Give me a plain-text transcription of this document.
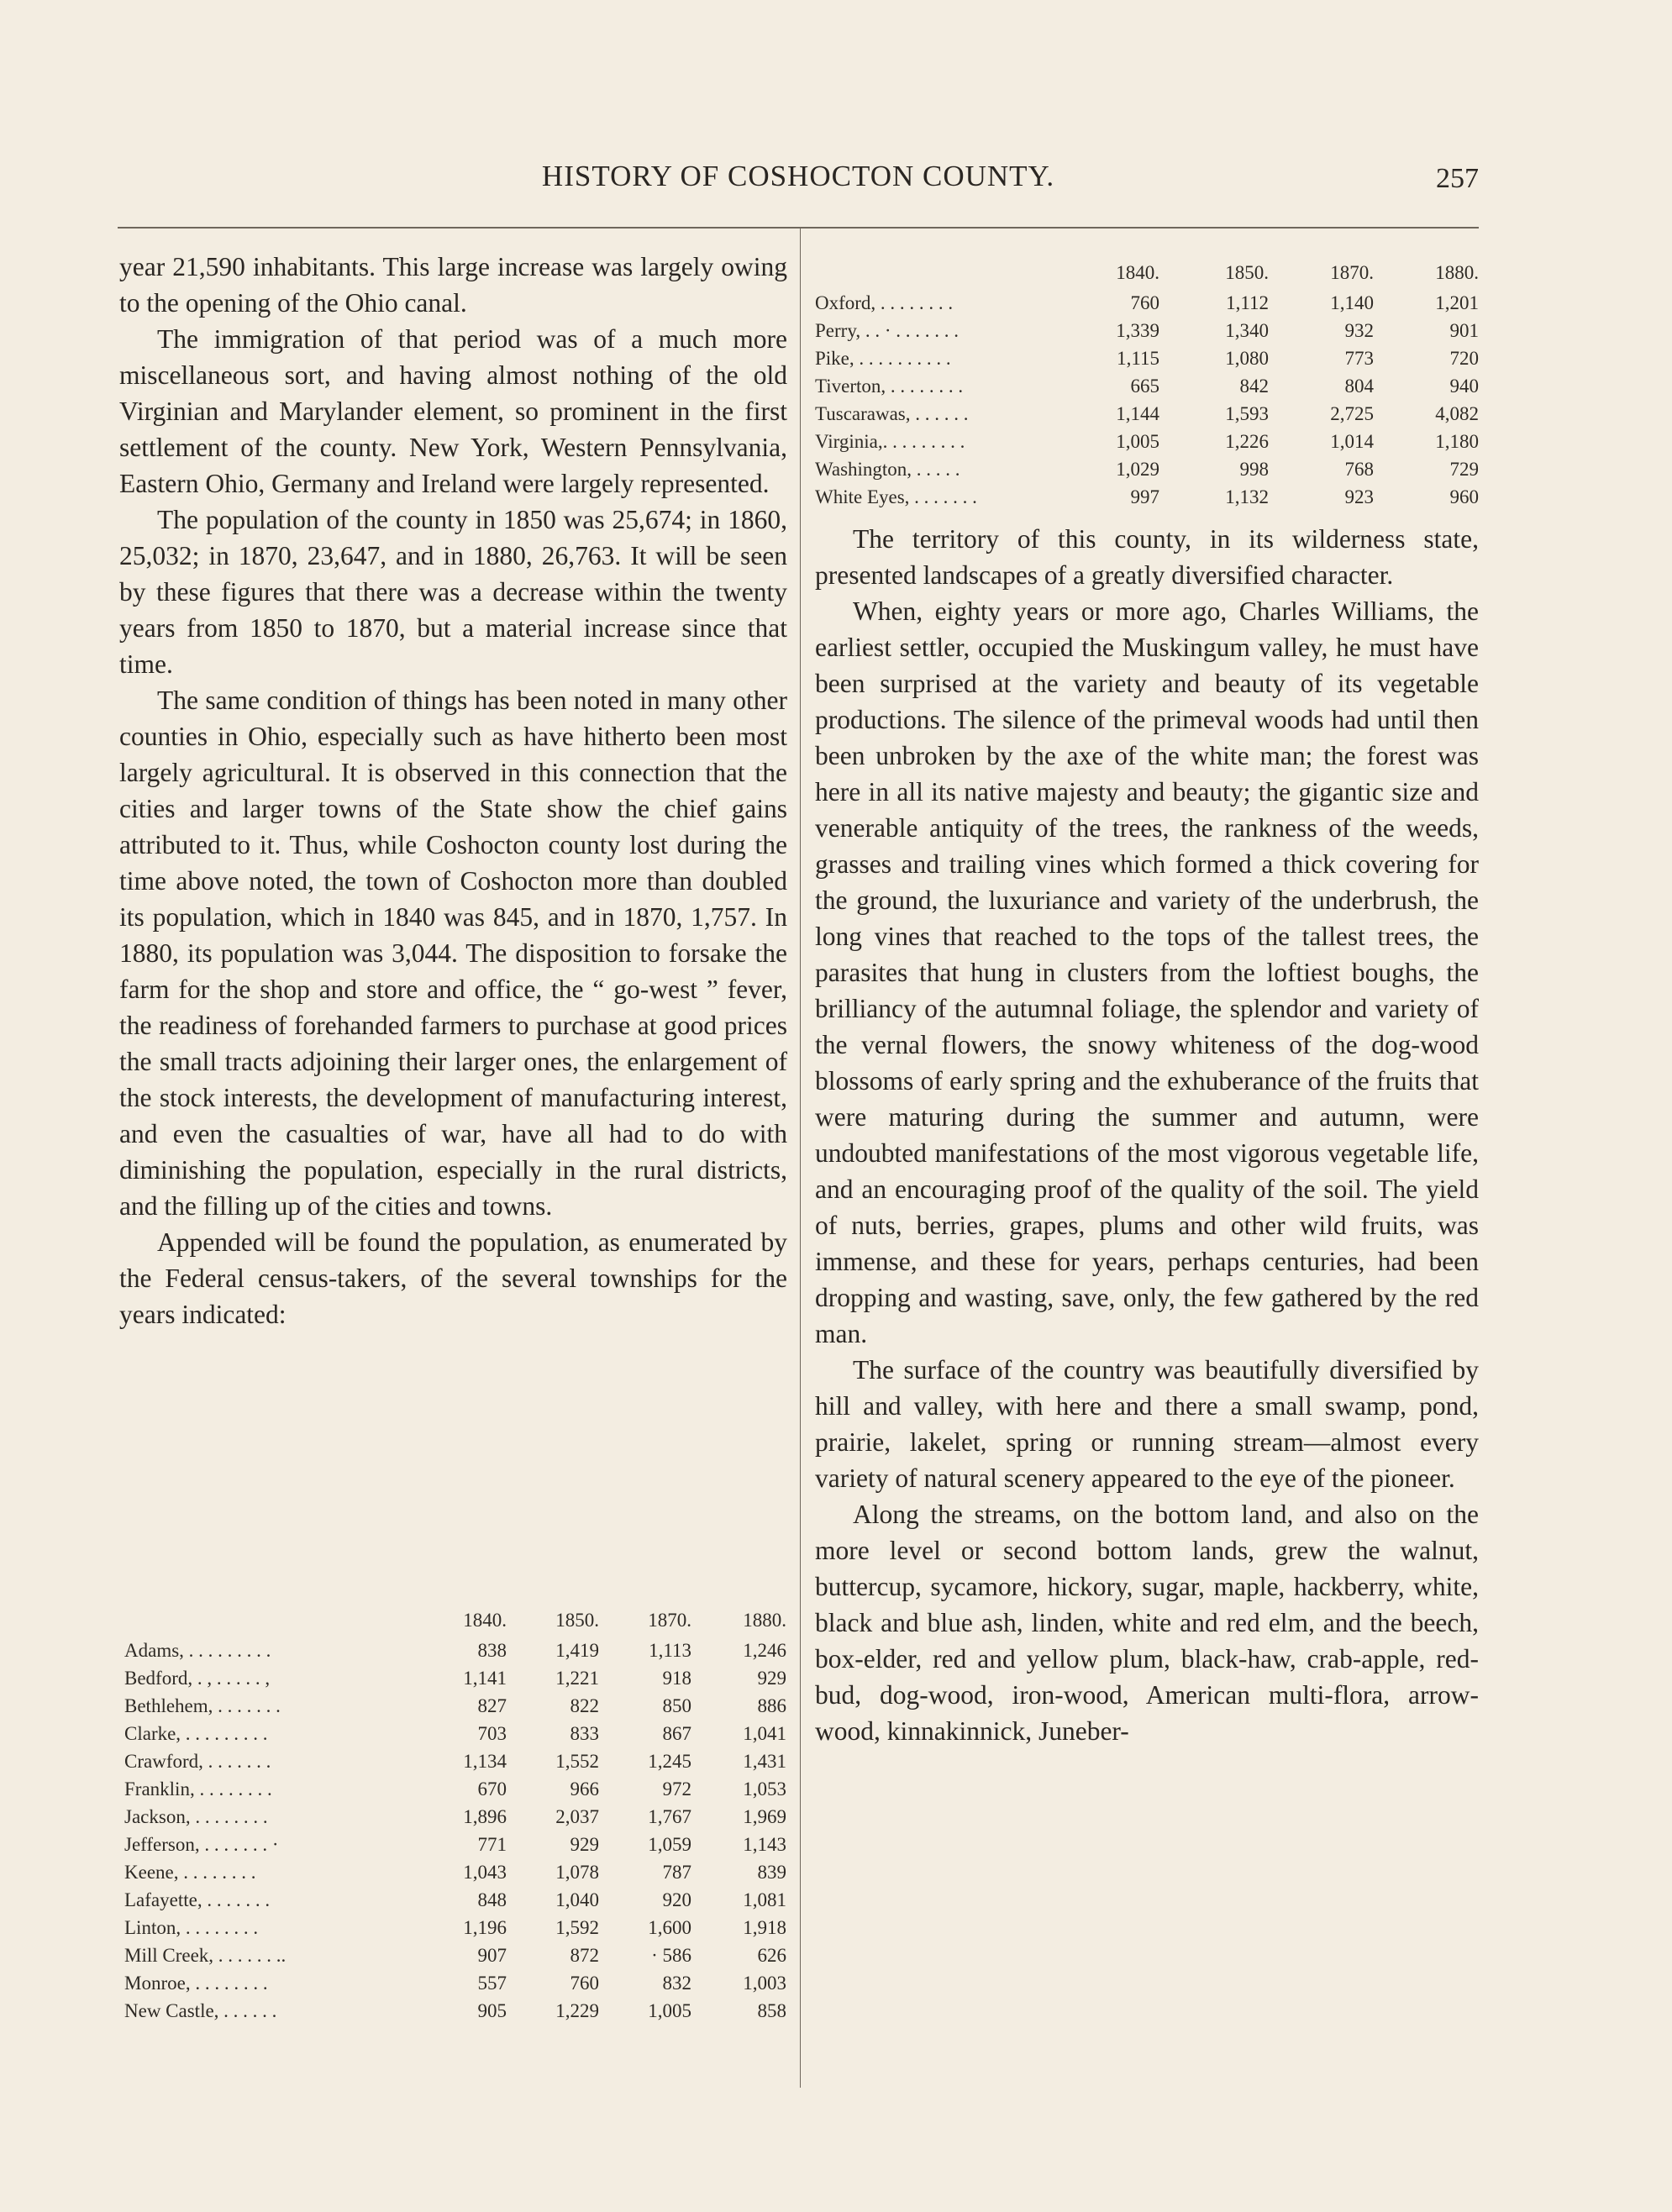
HISTORY OF COSHOCTON COUNTY.	257

year 21,590 inhabitants. This large increase was largely owing to the opening of the Ohio canal.

The immigration of that period was of a much more miscellaneous sort, and having almost nothing of the old Virginian and Marylander element, so prominent in the first settlement of the county. New York, Western Pennsylvania, Eastern Ohio, Germany and Ireland were largely represented.

The population of the county in 1850 was 25,674; in 1860, 25,032; in 1870, 23,647, and in 1880, 26,763. It will be seen by these figures that there was a decrease within the twenty years from 1850 to 1870, but a material increase since that time.

The same condition of things has been noted in many other counties in Ohio, especially such as have hitherto been most largely agricultural. It is observed in this connection that the cities and larger towns of the State show the chief gains attributed to it. Thus, while Coshocton county lost during the time above noted, the town of Coshocton more than doubled its population, which in 1840 was 845, and in 1870, 1,757. In 1880, its population was 3,044. The disposition to forsake the farm for the shop and store and office, the “ go-west ” fever, the readiness of forehanded farmers to purchase at good prices the small tracts adjoining their larger ones, the enlargement of the stock interests, the development of manufacturing interest, and even the casualties of war, have all had to do with diminishing the population, especially in the rural districts, and the filling up of the cities and towns.

Appended will be found the population, as enumerated by the Federal census-takers, of the several townships for the years indicated:

	1840.	1850.	1870.	1880.
Adams, . . . . . . . . .	838	1,419	1,113	1,246
Bedford, . , . . . . . ,	1,141	1,221	918	929
Bethlehem, . . . . . . .	827	822	850	886
Clarke, . . . . . . . . .	703	833	867	1,041
Crawford, . . . . . . .	1,134	1,552	1,245	1,431
Franklin, . . . . . . . .	670	966	972	1,053
Jackson, . . . . . . . .	1,896	2,037	1,767	1,969
Jefferson, . . . . . . . ·	771	929	1,059	1,143
Keene, . . . . . . . .	1,043	1,078	787	839
Lafayette, . . . . . . .	848	1,040	920	1,081
Linton, . . . . . . . .	1,196	1,592	1,600	1,918
Mill Creek, . . . . . . ..	907	872	· 586	626
Monroe, . . . . . . . .	557	760	832	1,003
New Castle, . . . . . .	905	1,229	1,005	858
	1840.	1850.	1870.	1880.
Oxford, . . . . . . . .	760	1,112	1,140	1,201
Perry, . . · . . . . . . .	1,339	1,340	932	901
Pike, . . . . . . . . . .	1,115	1,080	773	720
Tiverton, . . . . . . . .	665	842	804	940
Tuscarawas, . . . . . .	1,144	1,593	2,725	4,082
Virginia,. . . . . . . . .	1,005	1,226	1,014	1,180
Washington, . . . . .	1,029	998	768	729
White Eyes, . . . . . . .	997	1,132	923	960

The territory of this county, in its wilderness state, presented landscapes of a greatly diversified character.

When, eighty years or more ago, Charles Williams, the earliest settler, occupied the Muskingum valley, he must have been surprised at the variety and beauty of its vegetable productions. The silence of the primeval woods had until then been unbroken by the axe of the white man; the forest was here in all its native majesty and beauty; the gigantic size and venerable antiquity of the trees, the rankness of the weeds, grasses and trailing vines which formed a thick covering for the ground, the luxuriance and variety of the underbrush, the long vines that reached to the tops of the tallest trees, the parasites that hung in clusters from the loftiest boughs, the brilliancy of the autumnal foliage, the splendor and variety of the vernal flowers, the snowy whiteness of the dog-wood blossoms of early spring and the exhuberance of the fruits that were maturing during the summer and autumn, were undoubted manifestations of the most vigorous vegetable life, and an encouraging proof of the quality of the soil. The yield of nuts, berries, grapes, plums and other wild fruits, was immense, and these for years, perhaps centuries, had been dropping and wasting, save, only, the few gathered by the red man.

The surface of the country was beautifully diversified by hill and valley, with here and there a small swamp, pond, prairie, lakelet, spring or running stream—almost every variety of natural scenery appeared to the eye of the pioneer.

Along the streams, on the bottom land, and also on the more level or second bottom lands, grew the walnut, buttercup, sycamore, hickory, sugar, maple, hackberry, white, black and blue ash, linden, white and red elm, and the beech, box-elder, red and yellow plum, black-haw, crab-apple, red-bud, dog-wood, iron-wood, American multi-flora, arrow-wood, kinnakinnick, Juneber-
